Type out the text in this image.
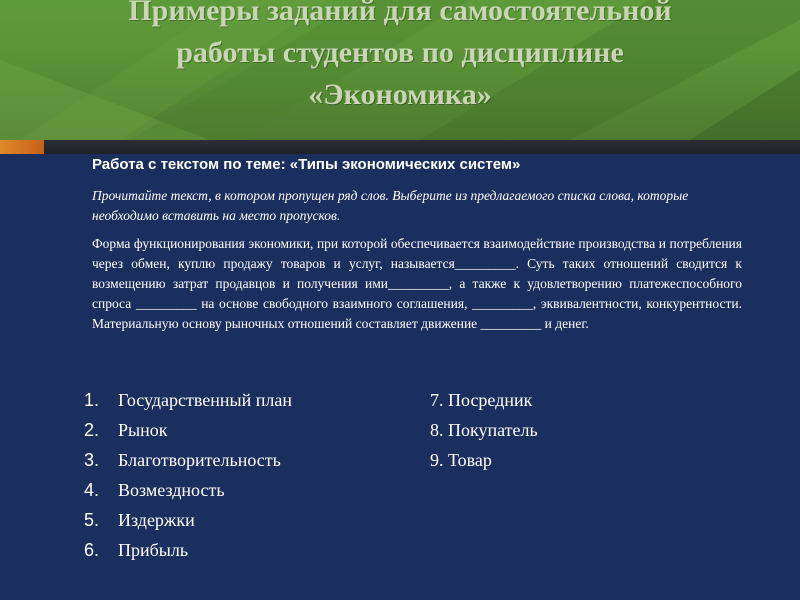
Примеры заданий для самостоятельной
работы студентов по дисциплине
«Экономика»

Работа с текстом по теме: «Типы экономических систем»

Прочитайте текст, в котором пропущен ряд слов. Выберите из предлагаемого списка слова, которые необходимо вставить на место пропусков.

Форма функционирования экономики, при которой обеспечивается взаимодействие производства и потребления через обмен, куплю продажу товаров и услуг, называется_________. Суть таких отношений сводится к возмещению затрат продавцов и получения ими_________, а также к удовлетворению платежеспособного спроса _________ на основе свободного взаимного соглашения, _________, эквивалентности, конкурентности. Материальную основу рыночных отношений составляет движение _________ и денег.

1. Государственный план
2. Рынок
3. Благотворительность
4. Возмездность
5. Издержки
6. Прибыль
7. Посредник
8. Покупатель
9. Товар
